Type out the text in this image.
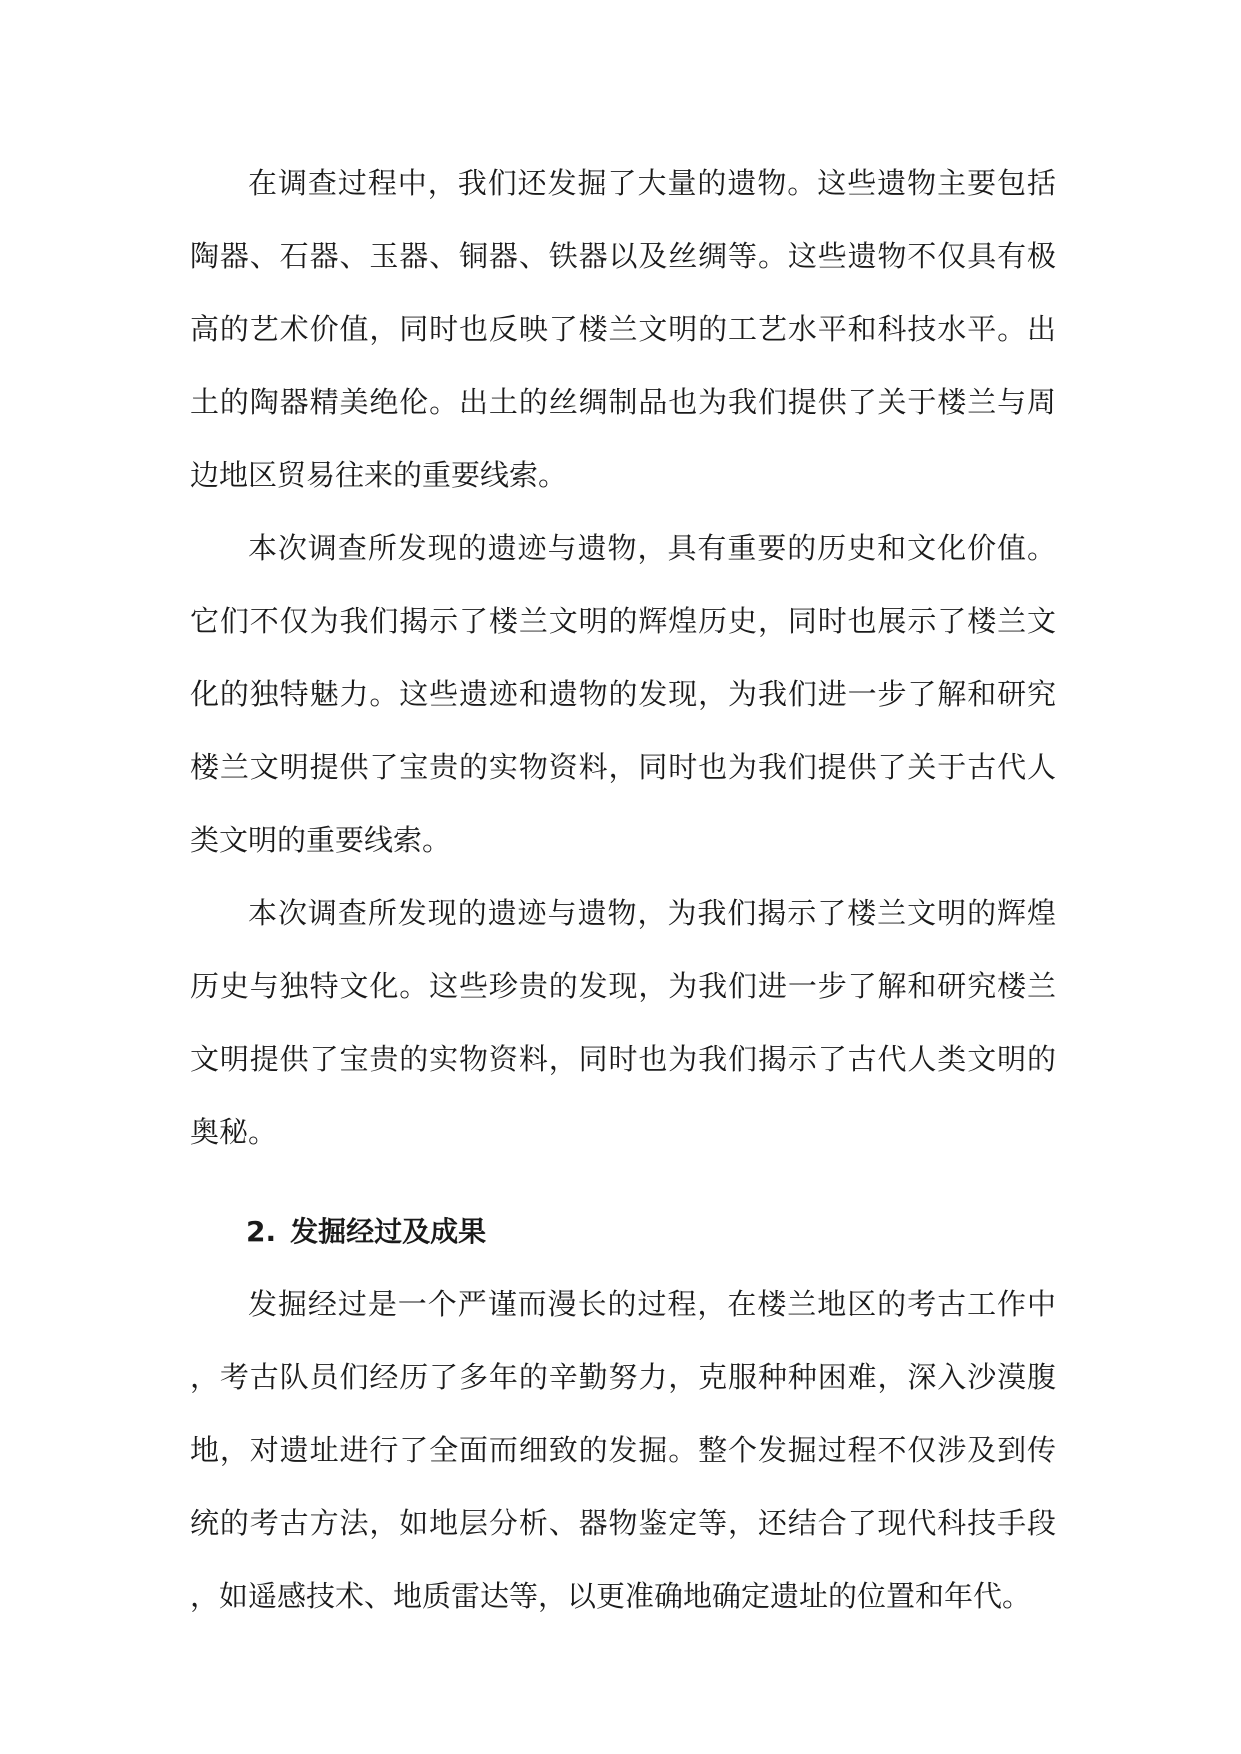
在调查过程中，我们还发掘了大量的遗物。这些遗物主要包括陶器、石器、玉器、铜器、铁器以及丝绸等。这些遗物不仅具有极高的艺术价值，同时也反映了楼兰文明的工艺水平和科技水平。出土的陶器精美绝伦。出土的丝绸制品也为我们提供了关于楼兰与周边地区贸易往来的重要线索。

本次调查所发现的遗迹与遗物，具有重要的历史和文化价值。它们不仅为我们揭示了楼兰文明的辉煌历史，同时也展示了楼兰文化的独特魅力。这些遗迹和遗物的发现，为我们进一步了解和研究楼兰文明提供了宝贵的实物资料，同时也为我们提供了关于古代人类文明的重要线索。

本次调查所发现的遗迹与遗物，为我们揭示了楼兰文明的辉煌历史与独特文化。这些珍贵的发现，为我们进一步了解和研究楼兰文明提供了宝贵的实物资料，同时也为我们揭示了古代人类文明的奥秘。

2. 发掘经过及成果

发掘经过是一个严谨而漫长的过程，在楼兰地区的考古工作中，考古队员们经历了多年的辛勤努力，克服种种困难，深入沙漠腹地，对遗址进行了全面而细致的发掘。整个发掘过程不仅涉及到传统的考古方法，如地层分析、器物鉴定等，还结合了现代科技手段，如遥感技术、地质雷达等，以更准确地确定遗址的位置和年代。
